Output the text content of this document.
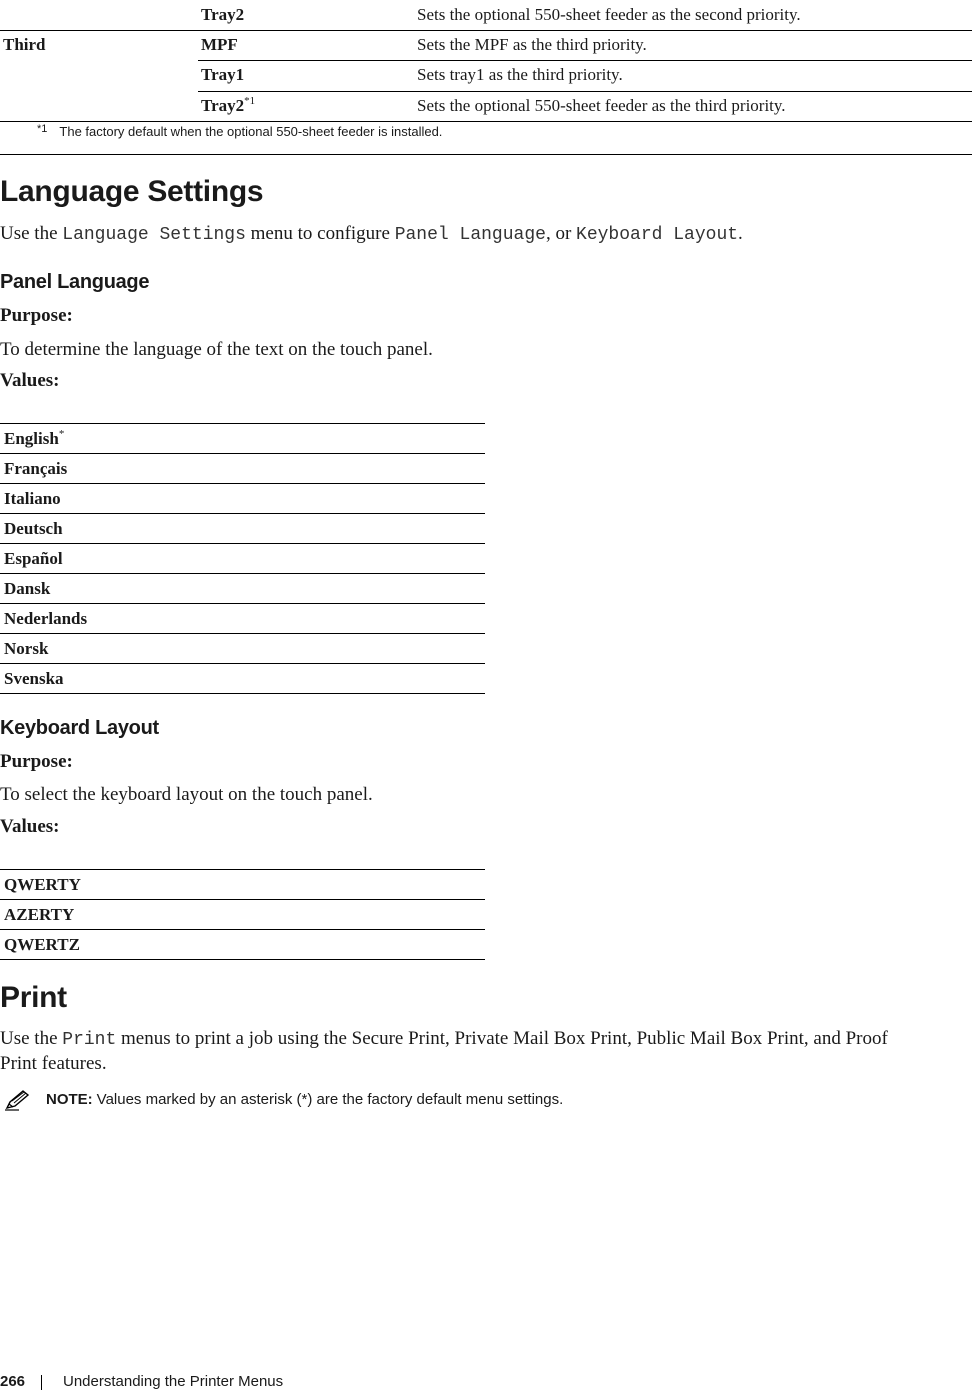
Tray2	Sets the optional 550-sheet feeder as the second priority.
Third	MPF	Sets the MPF as the third priority.
Tray1	Sets tray1 as the third priority.
Tray2$^{*1}$	Sets the optional 550-sheet feeder as the third priority.
$^{*1}$ The factory default when the optional 550-sheet feeder is installed.
Language Settings

Use the Language Settings menu to configure Panel Language, or Keyboard Layout.

Panel Language

Purpose:

To determine the language of the text on the touch panel.

Values:

English*
Français
Italiano
Deutsch
Español
Dansk
Nederlands
Norsk
Svenska
Keyboard Layout

Purpose:

To select the keyboard layout on the touch panel.

Values:

QWERTY
AZERTY
QWERTZ
Print

Use the Print menus to print a job using the Secure Print, Private Mail Box Print, Public Mail Box Print, and Proof
Print features.

NOTE: Values marked by an asterisk (*) are the factory default menu settings.
266	Understanding the Printer Menus
